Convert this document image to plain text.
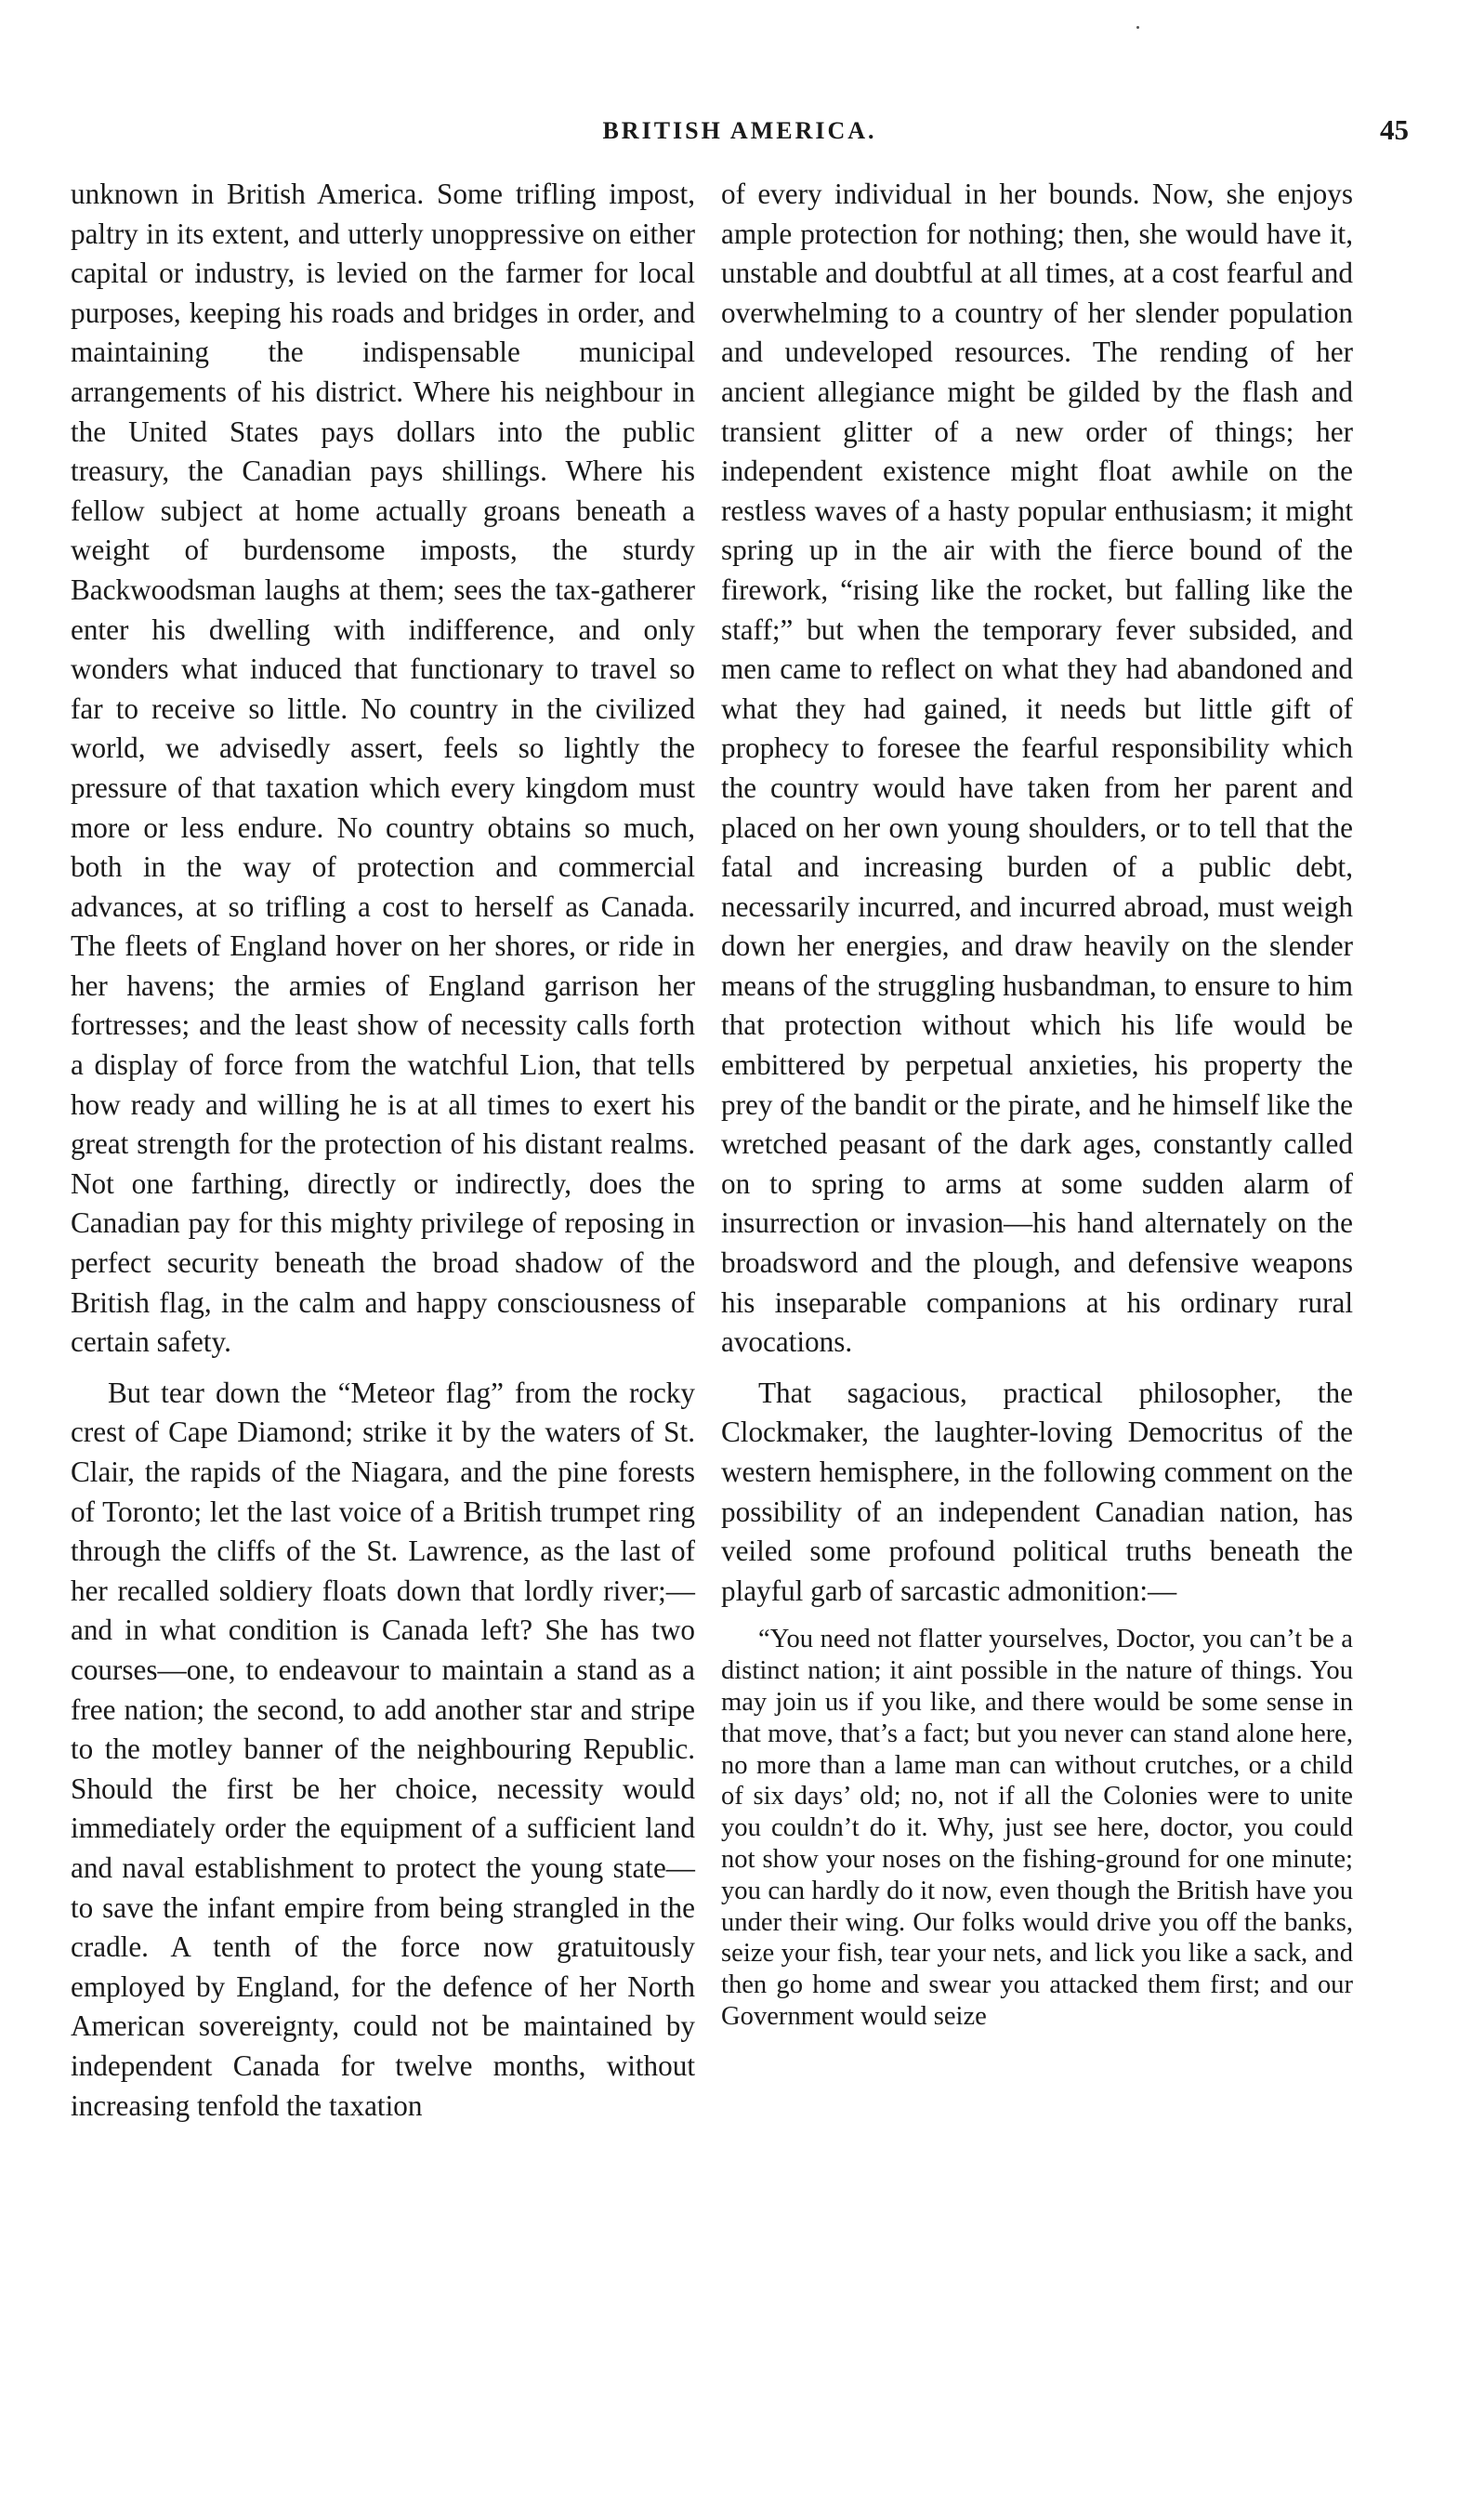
BRITISH AMERICA.	45

unknown in British America. Some trifling impost, paltry in its extent, and utterly unoppressive on either capital or industry, is levied on the farmer for local purposes, keeping his roads and bridges in order, and maintaining the indispensable municipal arrangements of his district. Where his neighbour in the United States pays dollars into the public treasury, the Canadian pays shillings. Where his fellow subject at home actually groans beneath a weight of burdensome imposts, the sturdy Backwoodsman laughs at them; sees the tax-gatherer enter his dwelling with indifference, and only wonders what induced that functionary to travel so far to receive so little. No country in the civilized world, we advisedly assert, feels so lightly the pressure of that taxation which every kingdom must more or less endure. No country obtains so much, both in the way of protection and commercial advances, at so trifling a cost to herself as Canada. The fleets of England hover on her shores, or ride in her havens; the armies of England garrison her fortresses; and the least show of necessity calls forth a display of force from the watchful Lion, that tells how ready and willing he is at all times to exert his great strength for the protection of his distant realms. Not one farthing, directly or indirectly, does the Canadian pay for this mighty privilege of reposing in perfect security beneath the broad shadow of the British flag, in the calm and happy consciousness of certain safety.

But tear down the “Meteor flag” from the rocky crest of Cape Diamond; strike it by the waters of St. Clair, the rapids of the Niagara, and the pine forests of Toronto; let the last voice of a British trumpet ring through the cliffs of the St. Lawrence, as the last of her recalled soldiery floats down that lordly river;—and in what condition is Canada left? She has two courses—one, to endeavour to maintain a stand as a free nation; the second, to add another star and stripe to the motley banner of the neighbouring Republic. Should the first be her choice, necessity would immediately order the equipment of a sufficient land and naval establishment to protect the young state—to save the infant empire from being strangled in the cradle. A tenth of the force now gratuitously employed by England, for the defence of her North American sovereignty, could not be maintained by independent Canada for twelve months, without increasing tenfold the taxation

of every individual in her bounds. Now, she enjoys ample protection for nothing; then, she would have it, unstable and doubtful at all times, at a cost fearful and overwhelming to a country of her slender population and undeveloped resources. The rending of her ancient allegiance might be gilded by the flash and transient glitter of a new order of things; her independent existence might float awhile on the restless waves of a hasty popular enthusiasm; it might spring up in the air with the fierce bound of the firework, “rising like the rocket, but falling like the staff;” but when the temporary fever subsided, and men came to reflect on what they had abandoned and what they had gained, it needs but little gift of prophecy to foresee the fearful responsibility which the country would have taken from her parent and placed on her own young shoulders, or to tell that the fatal and increasing burden of a public debt, necessarily incurred, and incurred abroad, must weigh down her energies, and draw heavily on the slender means of the struggling husbandman, to ensure to him that protection without which his life would be embittered by perpetual anxieties, his property the prey of the bandit or the pirate, and he himself like the wretched peasant of the dark ages, constantly called on to spring to arms at some sudden alarm of insurrection or invasion—his hand alternately on the broadsword and the plough, and defensive weapons his inseparable companions at his ordinary rural avocations.

That sagacious, practical philosopher, the Clockmaker, the laughter-loving Democritus of the western hemisphere, in the following comment on the possibility of an independent Canadian nation, has veiled some profound political truths beneath the playful garb of sarcastic admonition:—

“You need not flatter yourselves, Doctor, you can’t be a distinct nation; it aint possible in the nature of things. You may join us if you like, and there would be some sense in that move, that’s a fact; but you never can stand alone here, no more than a lame man can without crutches, or a child of six days’ old; no, not if all the Colonies were to unite you couldn’t do it. Why, just see here, doctor, you could not show your noses on the fishing-ground for one minute; you can hardly do it now, even though the British have you under their wing. Our folks would drive you off the banks, seize your fish, tear your nets, and lick you like a sack, and then go home and swear you attacked them first; and our Government would seize
